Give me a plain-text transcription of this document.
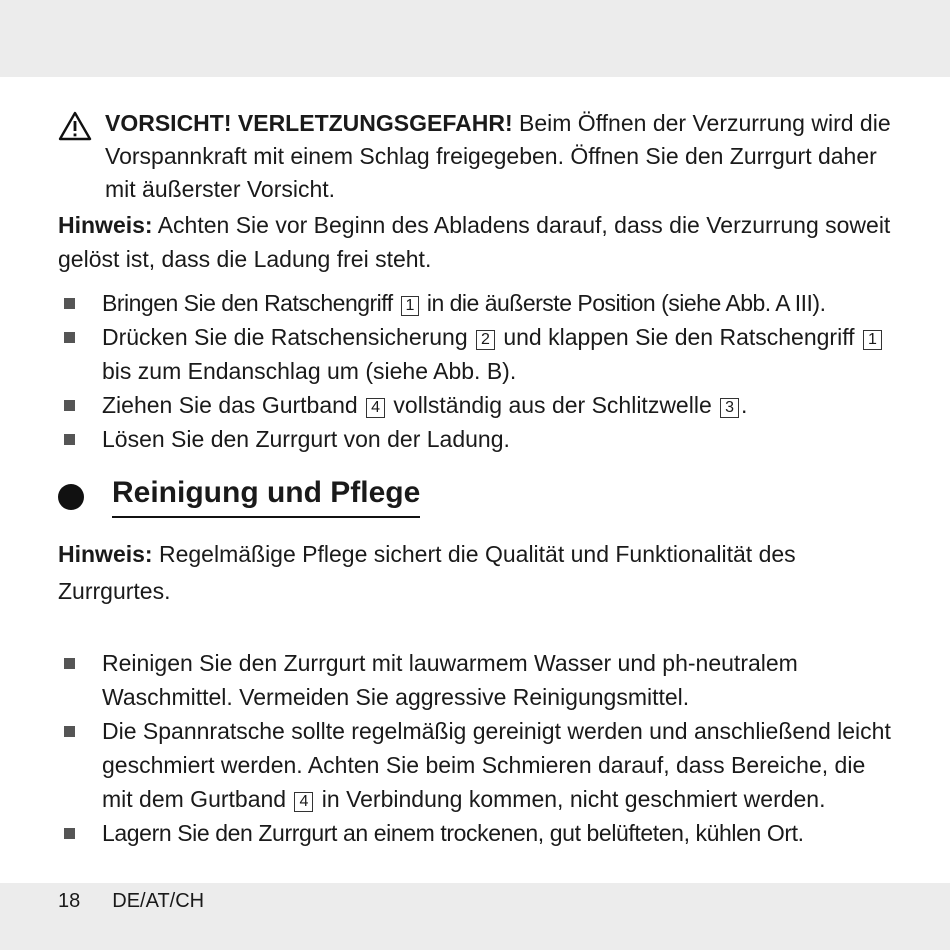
VORSICHT! VERLETZUNGSGEFAHR! Beim Öffnen der Verzurrung wird die Vorspannkraft mit einem Schlag freigegeben. Öffnen Sie den Zurrgurt daher mit äußerster Vorsicht.
Hinweis: Achten Sie vor Beginn des Abladens darauf, dass die Verzurrung soweit gelöst ist, dass die Ladung frei steht.
Bringen Sie den Ratschengriff 1 in die äußerste Position (siehe Abb. A III).
Drücken Sie die Ratschensicherung 2 und klappen Sie den Ratschengriff 1 bis zum Endanschlag um (siehe Abb. B).
Ziehen Sie das Gurtband 4 vollständig aus der Schlitzwelle 3 .
Lösen Sie den Zurrgurt von der Ladung.
Reinigung und Pflege
Hinweis: Regelmäßige Pflege sichert die Qualität und Funktionalität des Zurrgurtes.
Reinigen Sie den Zurrgurt mit lauwarmem Wasser und ph-neutralem Waschmittel. Vermeiden Sie aggressive Reinigungsmittel.
Die Spannratsche sollte regelmäßig gereinigt werden und anschließend leicht geschmiert werden. Achten Sie beim Schmieren darauf, dass Bereiche, die mit dem Gurtband 4 in Verbindung kommen, nicht geschmiert werden.
Lagern Sie den Zurrgurt an einem trockenen, gut belüfteten, kühlen Ort.
18 DE/AT/CH
